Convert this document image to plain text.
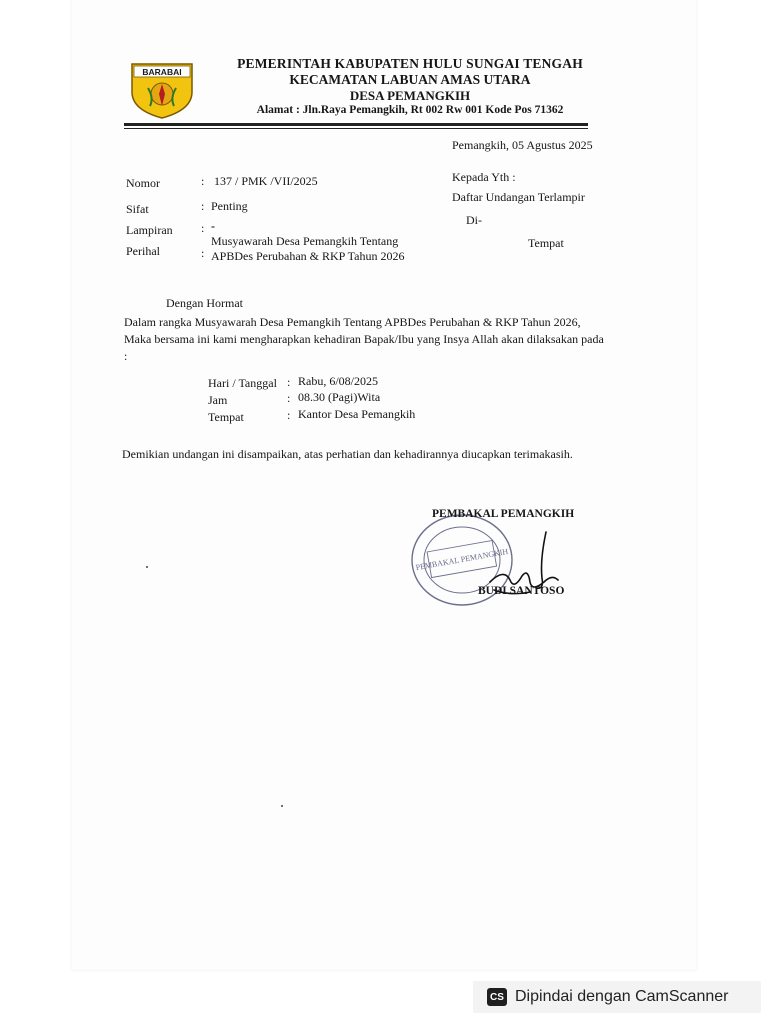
BARABAI
PEMERINTAH KABUPATEN HULU SUNGAI TENGAH
KECAMATAN LABUAN AMAS UTARA
DESA PEMANGKIH
Alamat : Jln.Raya Pemangkih, Rt 002 Rw 001 Kode Pos 71362
Pemangkih, 05 Agustus 2025
Nomor	: 137 / PMK /VII/2025
Sifat	: Penting
Lampiran : -
Perihal	:
Musyawarah Desa Pemangkih Tentang APBDes Perubahan & RKP Tahun 2026
Kepada Yth :
Daftar Undangan Terlampir
Di-
Tempat
Dengan Hormat
Dalam rangka Musyawarah Desa Pemangkih Tentang APBDes Perubahan & RKP Tahun 2026, Maka bersama ini kami mengharapkan kehadiran Bapak/Ibu yang Insya Allah akan dilaksakan pada :
Hari / Tanggal : Rabu, 6/08/2025
Jam	: 08.30 (Pagi)Wita
Tempat	: Kantor Desa Pemangkih
Demikian undangan ini disampaikan, atas perhatian dan kehadirannya diucapkan terimakasih.
PEMBAKAL PEMANGKIH
PEMBAKAL PEMANGKIH
BUDI SANTOSO
CS Dipindai dengan CamScanner
